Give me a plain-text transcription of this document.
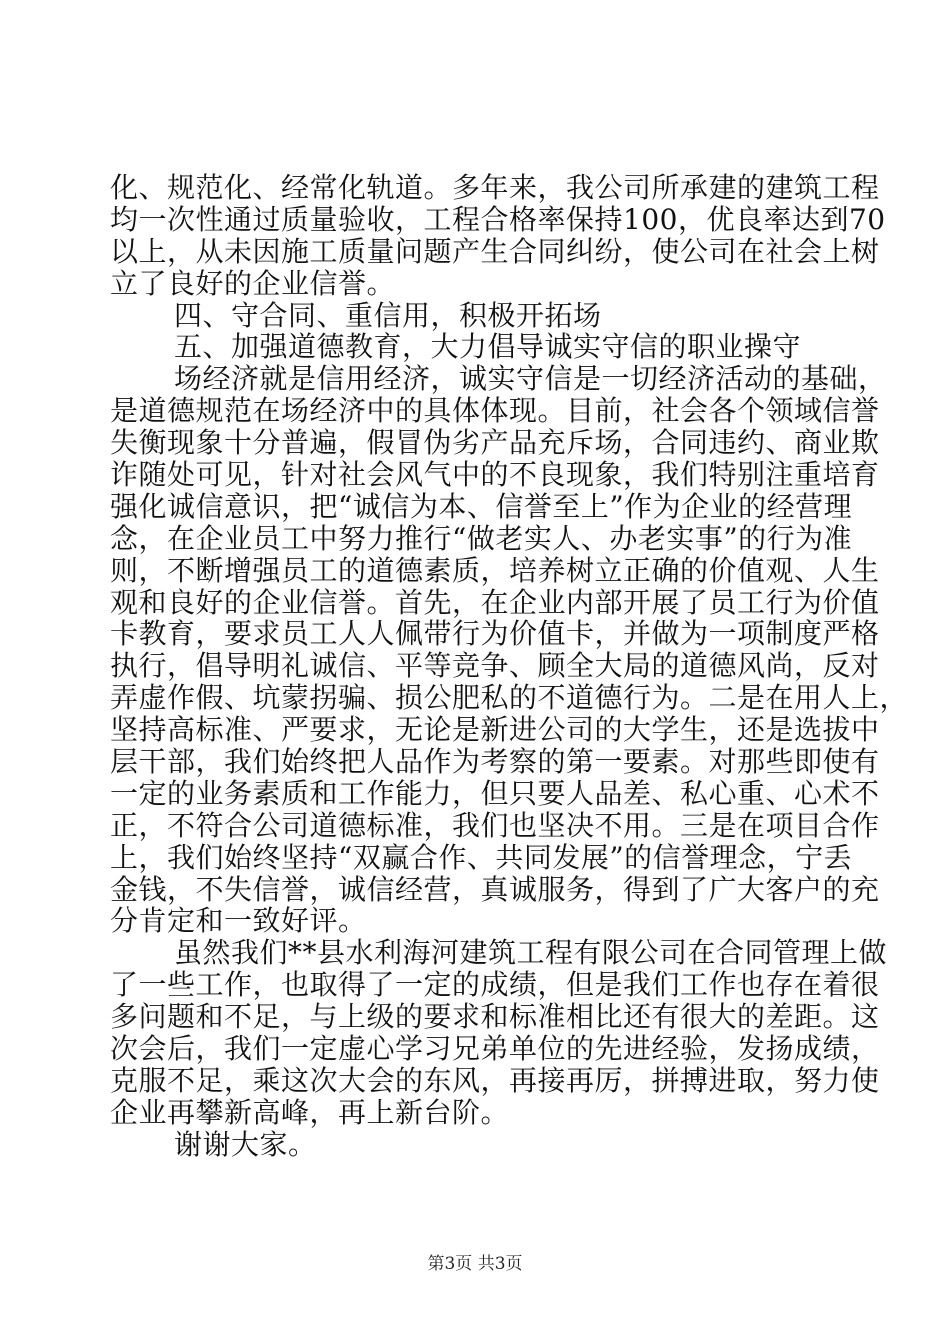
化、规范化、经常化轨道。多年来，我公司所承建的建筑工程
均一次性通过质量验收，工程合格率保持100，优良率达到70
以上，从未因施工质量问题产生合同纠纷，使公司在社会上树
立了良好的企业信誉。
四、守合同、重信用，积极开拓场
五、加强道德教育，大力倡导诚实守信的职业操守
场经济就是信用经济，诚实守信是一切经济活动的基础，
是道德规范在场经济中的具体体现。目前，社会各个领域信誉
失衡现象十分普遍，假冒伪劣产品充斥场，合同违约、商业欺
诈随处可见，针对社会风气中的不良现象，我们特别注重培育
强化诚信意识，把“诚信为本、信誉至上”作为企业的经营理
念，在企业员工中努力推行“做老实人、办老实事”的行为准
则，不断增强员工的道德素质，培养树立正确的价值观、人生
观和良好的企业信誉。首先，在企业内部开展了员工行为价值
卡教育，要求员工人人佩带行为价值卡，并做为一项制度严格
执行，倡导明礼诚信、平等竞争、顾全大局的道德风尚，反对
弄虚作假、坑蒙拐骗、损公肥私的不道德行为。二是在用人上，
坚持高标准、严要求，无论是新进公司的大学生，还是选拔中
层干部，我们始终把人品作为考察的第一要素。对那些即使有
一定的业务素质和工作能力，但只要人品差、私心重、心术不
正，不符合公司道德标准，我们也坚决不用。三是在项目合作
上，我们始终坚持“双赢合作、共同发展”的信誉理念，宁丢
金钱，不失信誉，诚信经营，真诚服务，得到了广大客户的充
分肯定和一致好评。
虽然我们**县水利海河建筑工程有限公司在合同管理上做
了一些工作，也取得了一定的成绩，但是我们工作也存在着很
多问题和不足，与上级的要求和标准相比还有很大的差距。这
次会后，我们一定虚心学习兄弟单位的先进经验，发扬成绩，
克服不足，乘这次大会的东风，再接再厉，拼搏进取，努力使
企业再攀新高峰，再上新台阶。
谢谢大家。
第3页 共3页
